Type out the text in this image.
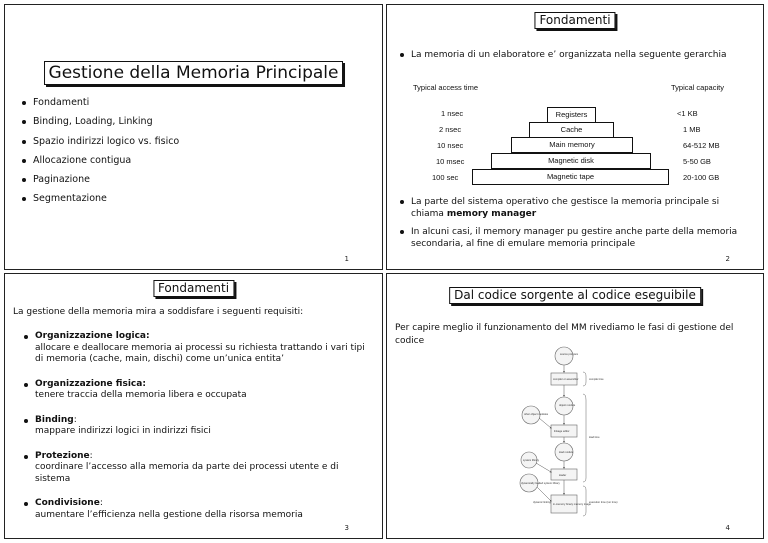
Gestione della Memoria Principale
Fondamenti
Binding, Loading, Linking
Spazio indirizzi logico vs. fisico
Allocazione contigua
Paginazione
Segmentazione
1
Fondamenti
La memoria di un elaboratore e’ organizzata nella seguente gerarchia
Typical access time	Typical capacity
1 nsec
2 nsec
10 nsec
10 msec
100 sec
Registers
Cache
Main memory
Magnetic disk
Magnetic tape
<1 KB
1 MB
64-512 MB
5-50 GB
20-100 GB
La parte del sistema operativo che gestisce la memoria principale si chiama memory manager
In alcuni casi, il memory manager pu gestire anche parte della memoria secondaria, al fine di emulare memoria principale
2
Fondamenti
La gestione della memoria mira a soddisfare i seguenti requisiti:
Organizzazione logica:
allocare e deallocare memoria ai processi su richiesta trattando i vari tipi di memoria (cache, main, dischi) come un’unica entita’
Organizzazione fisica:
tenere traccia della memoria libera e occupata
Binding:
mappare indirizzi logici in indirizzi fisici
Protezione:
coordinare l’accesso alla memoria da parte dei processi utente e di sistema
Condivisione:
aumentare l’efficienza nella gestione della risorsa memoria
3
Dal codice sorgente al codice eseguibile
Per capire meglio il funzionamento del MM rivediamo le fasi di gestione del codice
source program
compiler or assembler
object module
other object modules
linkage editor
load module
system library
loader
dynamically loaded system library
in-memory binary memory image
dynamic linking
compile time
load time
execution time (run time)
4
